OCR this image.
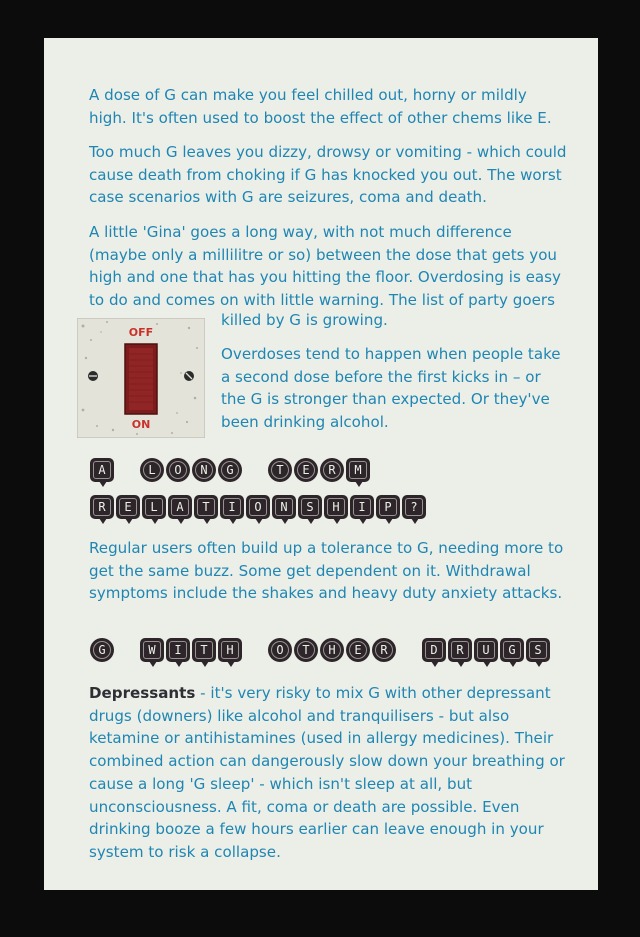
A dose of G can make you feel chilled out, horny or mildly high. It's often used to boost the effect of other chems like E.

Too much G leaves you dizzy, drowsy or vomiting - which could cause death from choking if G has knocked you out. The worst case scenarios with G are seizures, coma and death.

A little 'Gina' goes a long way, with not much difference (maybe only a millilitre or so) between the dose that gets you high and one that has you hitting the floor. Overdosing is easy to do and comes on with little warning. The list of party goers

killed by G is growing.

OFF
ON

Overdoses tend to happen when people take a second dose before the first kicks in – or the G is stronger than expected. Or they've been drinking alcohol.

A	L O N G	T E R M
R E L A T I O N S H I P ?

Regular users often build up a tolerance to G, needing more to get the same buzz. Some get dependent on it. Withdrawal symptoms include the shakes and heavy duty anxiety attacks.

G	W I T H	O T H E R	D R U G S

Depressants - it's very risky to mix G with other depressant drugs (downers) like alcohol and tranquilisers - but also ketamine or antihistamines (used in allergy medicines). Their combined action can dangerously slow down your breathing or cause a long 'G sleep' - which isn't sleep at all, but unconsciousness. A fit, coma or death are possible. Even drinking booze a few hours earlier can leave enough in your system to risk a collapse.
